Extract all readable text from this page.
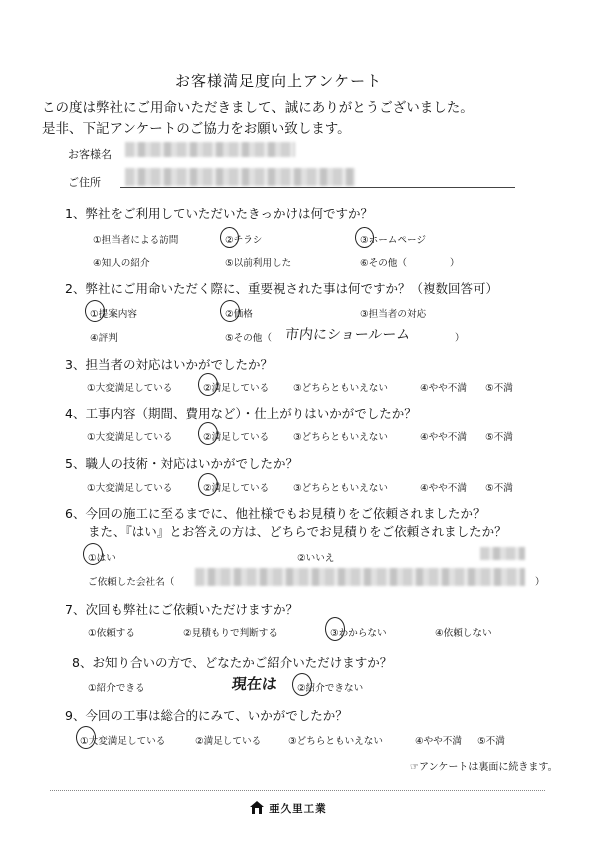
お客様満足度向上アンケート
この度は弊社にご用命いただきまして、誠にありがとうございました。
是非、下記アンケートのご協力をお願い致します。
お客様名
ご住所
1、弊社をご利用していただいたきっかけは何ですか？
①担当者による訪問	②チラシ	③ホームページ
④知人の紹介	⑤以前利用した	⑥その他（	）
2、弊社にご用命いただく際に、重要視された事は何ですか？（複数回答可）
①提案内容	②価格	③担当者の対応
④評判	⑤その他（ 市内にショールーム	）
3、担当者の対応はいかがでしたか？
①大変満足している	②満足している ③どちらともいえない	④やや不満 ⑤不満
4、工事内容（期間、費用など）・仕上がりはいかがでしたか？
①大変満足している	②満足している ③どちらともいえない	④やや不満 ⑤不満
5、職人の技術・対応はいかがでしたか？
①大変満足している	②満足している ③どちらともいえない	④やや不満 ⑤不満
6、今回の施工に至るまでに、他社様でもお見積りをご依頼されましたか？
また、『はい』とお答えの方は、どちらでお見積りをご依頼されましたか？
①はい	②いいえ
ご依頼した会社名（	）
7、次回も弊社にご依頼いただけますか？
①依頼する	②見積もりで判断する	③わからない	④依頼しない
8、お知り合いの方で、どなたかご紹介いただけますか？
①紹介できる	現在は ②紹介できない
9、今回の工事は総合的にみて、いかがでしたか？
①大変満足している	②満足している	③どちらともいえない	④やや不満 ⑤不満
☞アンケートは裏面に続きます。
亜久里工業
